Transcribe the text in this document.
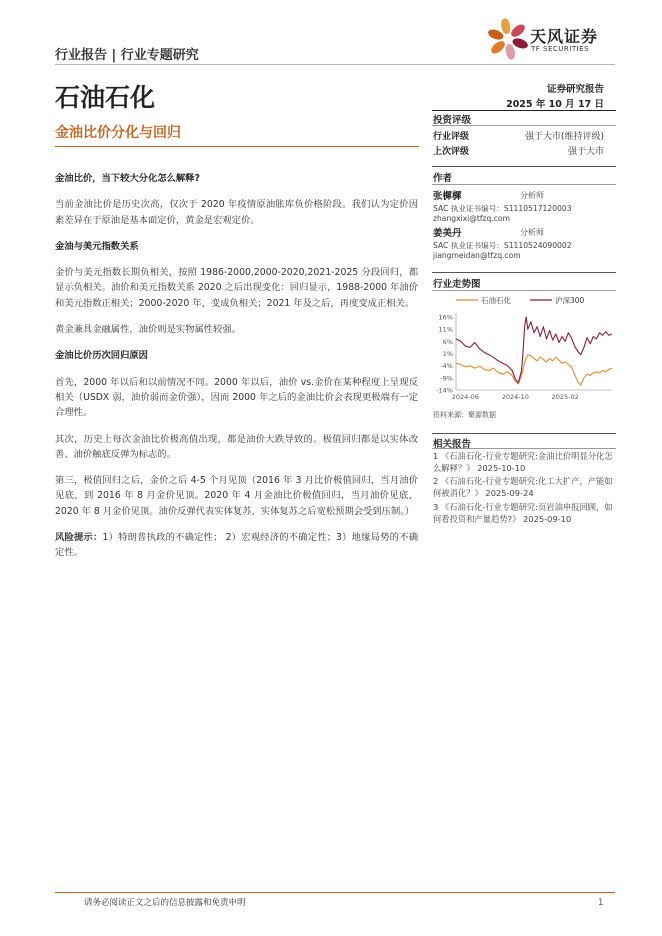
行业报告 | 行业专题研究
天风证券
TF SECURITIES
石油石化	证券研究报告
2025 年 10 月 17 日
金油比价分化与回归

金油比价，当下较大分化怎么解释?

当前金油比价是历史次高，仅次于 2020 年疫情原油胀库负价格阶段。我们认为定价因素差异在于原油是基本面定价，黄金是宏观定价。

金油与美元指数关系

金价与美元指数长期负相关，按照 1986-2000,2000-2020,2021-2025 分段回归，都显示负相关。油价和美元指数关系 2020 之后出现变化：回归显示，1988-2000 年油价和美元指数正相关；2000-2020 年，变成负相关；2021 年及之后，再度变成正相关。

黄金兼具金融属性，油价则是实物属性较强。

金油比价历次回归原因

首先，2000 年以后和以前情况不同。2000 年以后，油价 vs.金价在某种程度上呈现反相关（USDX 弱，油价弱而金价强），因而 2000 年之后的金油比价会表现更极端有一定合理性。

其次，历史上每次金油比价极高值出现，都是油价大跌导致的。极值回归都是以实体改善、油价触底反弹为标志的。

第三，极值回归之后，金价之后 4-5 个月见顶（2016 年 3 月比价极值回归，当月油价见底，到 2016 年 8 月金价见顶。2020 年 4 月金油比价极值回归，当月油价见底，2020 年 8 月金价见顶。油价反弹代表实体复苏，实体复苏之后宽松预期会受到压制。）

风险提示：1）特朗普执政的不确定性； 2）宏观经济的不确定性；3）地缘局势的不确定性。

投资评级
行业评级	强于大市(维持评级)
上次评级	强于大市
作者
张樨樨	分析师
SAC 执业证书编号：S1110517120003
zhangxixi@tfzq.com
姜美丹	分析师
SAC 执业证书编号：S1110524090002
jiangmeidan@tfzq.com
行业走势图
石油石化	沪深300
16%
11%
6%
1%
-4%
-9%
-14%
2024-06	2024-10	2025-02
资料来源：聚源数据
相关报告
1 《石油石化-行业专题研究:金油比价明显分化怎么解释？》 2025-10-10
2 《石油石化-行业专题研究:化工大扩产，产能如何被消化？》 2025-09-24
3 《石油石化-行业专题研究:页岩油申报回顾，如何看投资和产量趋势?》 2025-09-10
请务必阅读正文之后的信息披露和免责申明	1
